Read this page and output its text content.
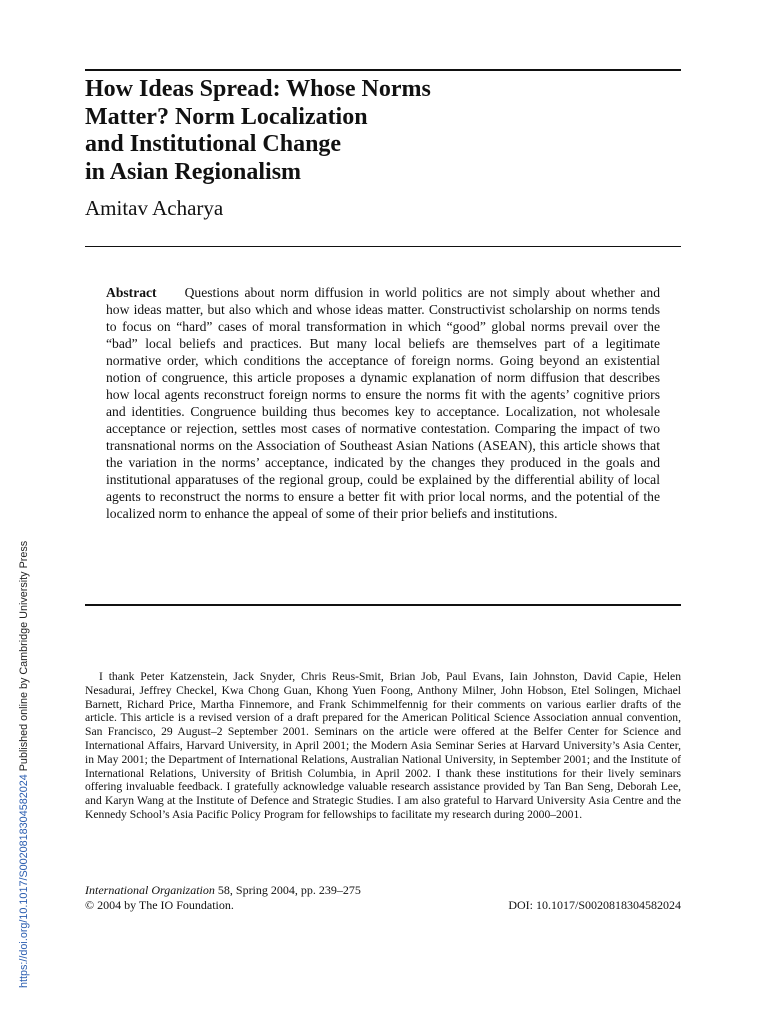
How Ideas Spread: Whose Norms
Matter? Norm Localization
and Institutional Change
in Asian Regionalism

Amitav Acharya

Abstract Questions about norm diffusion in world politics are not simply about whether and how ideas matter, but also which and whose ideas matter. Constructivist scholarship on norms tends to focus on “hard” cases of moral transformation in which “good” global norms prevail over the “bad” local beliefs and practices. But many local beliefs are themselves part of a legitimate normative order, which conditions the acceptance of foreign norms. Going beyond an existential notion of congruence, this article proposes a dynamic explanation of norm diffusion that describes how local agents reconstruct foreign norms to ensure the norms fit with the agents’ cognitive priors and identities. Congruence building thus becomes key to acceptance. Localization, not wholesale acceptance or rejection, settles most cases of normative contestation. Comparing the impact of two transnational norms on the Association of Southeast Asian Nations (ASEAN), this article shows that the variation in the norms’ acceptance, indicated by the changes they produced in the goals and institutional apparatuses of the regional group, could be explained by the differential ability of local agents to reconstruct the norms to ensure a better fit with prior local norms, and the potential of the localized norm to enhance the appeal of some of their prior beliefs and institutions.

I thank Peter Katzenstein, Jack Snyder, Chris Reus-Smit, Brian Job, Paul Evans, Iain Johnston, David Capie, Helen Nesadurai, Jeffrey Checkel, Kwa Chong Guan, Khong Yuen Foong, Anthony Milner, John Hobson, Etel Solingen, Michael Barnett, Richard Price, Martha Finnemore, and Frank Schimmelfennig for their comments on various earlier drafts of the article. This article is a revised version of a draft prepared for the American Political Science Association annual convention, San Francisco, 29 August–2 September 2001. Seminars on the article were offered at the Belfer Center for Science and International Affairs, Harvard University, in April 2001; the Modern Asia Seminar Series at Harvard University’s Asia Center, in May 2001; the Department of International Relations, Australian National University, in September 2001; and the Institute of International Relations, University of British Columbia, in April 2002. I thank these institutions for their lively seminars offering invaluable feedback. I gratefully acknowledge valuable research assistance provided by Tan Ban Seng, Deborah Lee, and Karyn Wang at the Institute of Defence and Strategic Studies. I am also grateful to Harvard University Asia Centre and the Kennedy School’s Asia Pacific Policy Program for fellowships to facilitate my research during 2000–2001.

International Organization 58, Spring 2004, pp. 239–275
© 2004 by The IO Foundation.	DOI: 10.1017/S0020818304582024
https://doi.org/10.1017/S0020818304582024 Published online by Cambridge University Press
